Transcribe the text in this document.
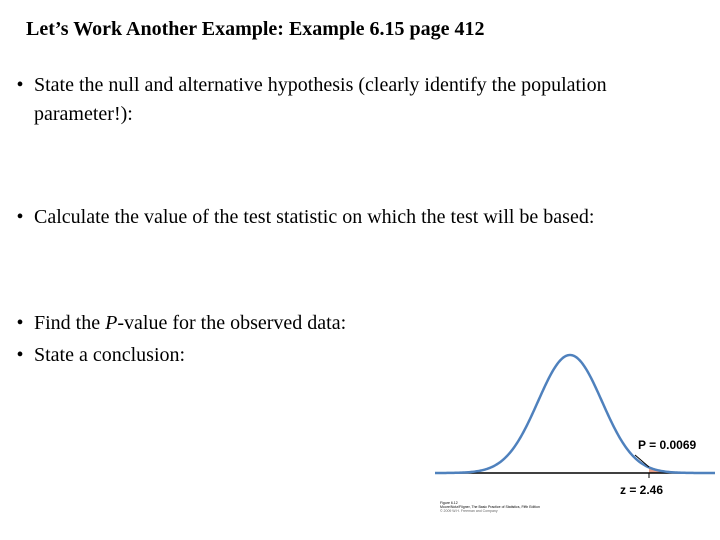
Let’s Work Another Example: Example 6.15 page 412
• State the null and alternative hypothesis (clearly identify the population parameter!):
• Calculate the value of the test statistic on which the test will be based:
• Find the P-value for the observed data:
• State a conclusion:
P = 0.0069
z = 2.46
Figure 6.12
Moore/Notz/Fligner, The Basic Practice of Statistics, Fifth Edition
© 2009 W.H. Freeman and Company
